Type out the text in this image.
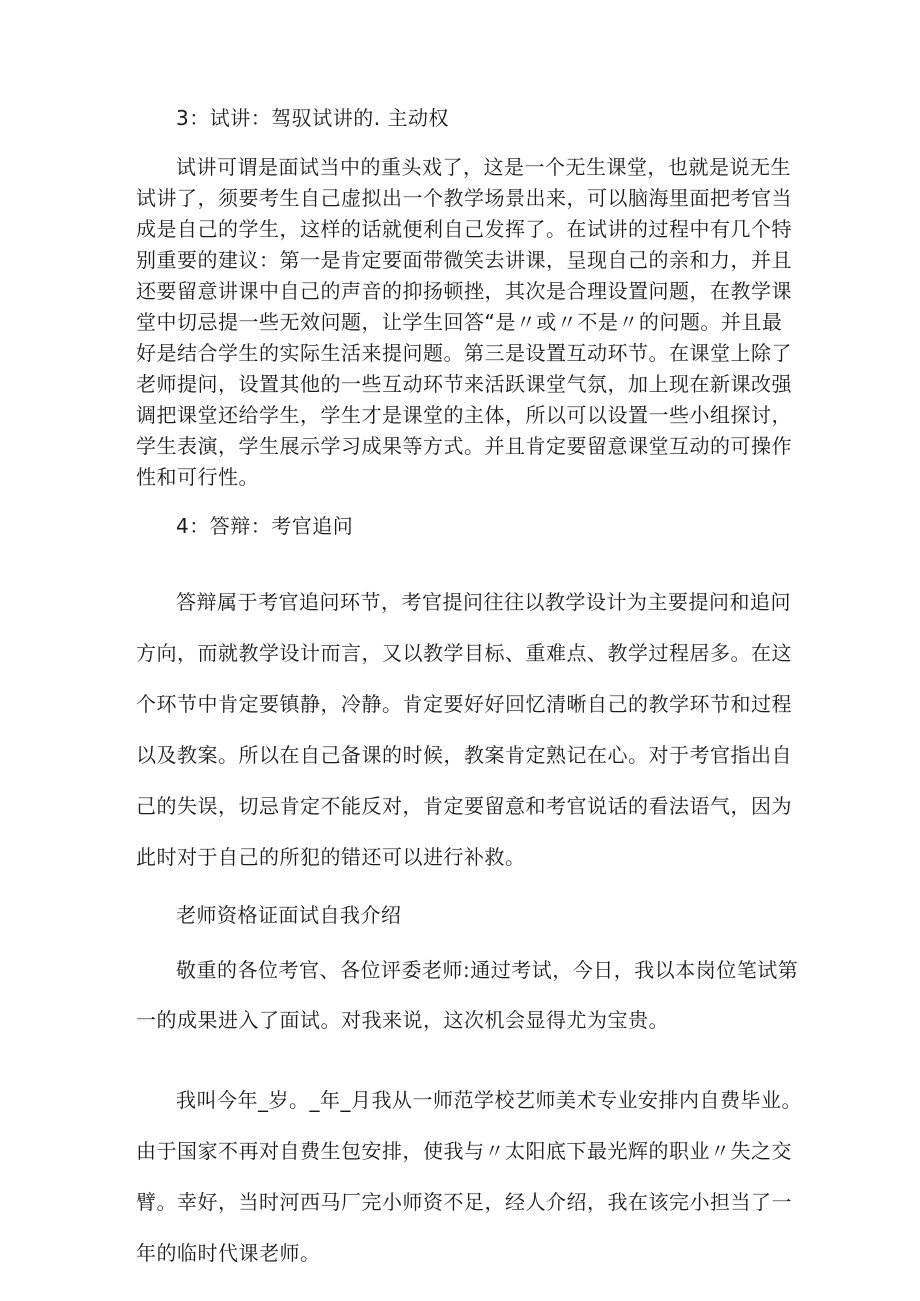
3：试讲：驾驭试讲的. 主动权
试讲可谓是面试当中的重头戏了，这是一个无生课堂，也就是说无生
试讲了，须要考生自己虚拟出一个教学场景出来，可以脑海里面把考官当
成是自己的学生，这样的话就便利自己发挥了。在试讲的过程中有几个特
别重要的建议：第一是肯定要面带微笑去讲课，呈现自己的亲和力，并且
还要留意讲课中自己的声音的抑扬顿挫，其次是合理设置问题，在教学课
堂中切忌提一些无效问题，让学生回答“是〃或〃不是〃的问题。并且最
好是结合学生的实际生活来提问题。第三是设置互动环节。在课堂上除了
老师提问，设置其他的一些互动环节来活跃课堂气氛，加上现在新课改强
调把课堂还给学生，学生才是课堂的主体，所以可以设置一些小组探讨，
学生表演，学生展示学习成果等方式。并且肯定要留意课堂互动的可操作
性和可行性。
4：答辩：考官追问
答辩属于考官追问环节，考官提问往往以教学设计为主要提问和追问
方向，而就教学设计而言，又以教学目标、重难点、教学过程居多。在这
个环节中肯定要镇静，冷静。肯定要好好回忆清晰自己的教学环节和过程
以及教案。所以在自己备课的时候，教案肯定熟记在心。对于考官指出自
己的失误，切忌肯定不能反对，肯定要留意和考官说话的看法语气，因为
此时对于自己的所犯的错还可以进行补救。
老师资格证面试自我介绍
敬重的各位考官、各位评委老师:通过考试，今日，我以本岗位笔试第
一的成果进入了面试。对我来说，这次机会显得尤为宝贵。
我叫今年_岁。_年_月我从一师范学校艺师美术专业安排内自费毕业。
由于国家不再对自费生包安排，使我与〃太阳底下最光辉的职业〃失之交
臂。幸好，当时河西马厂完小师资不足，经人介绍，我在该完小担当了一
年的临时代课老师。
